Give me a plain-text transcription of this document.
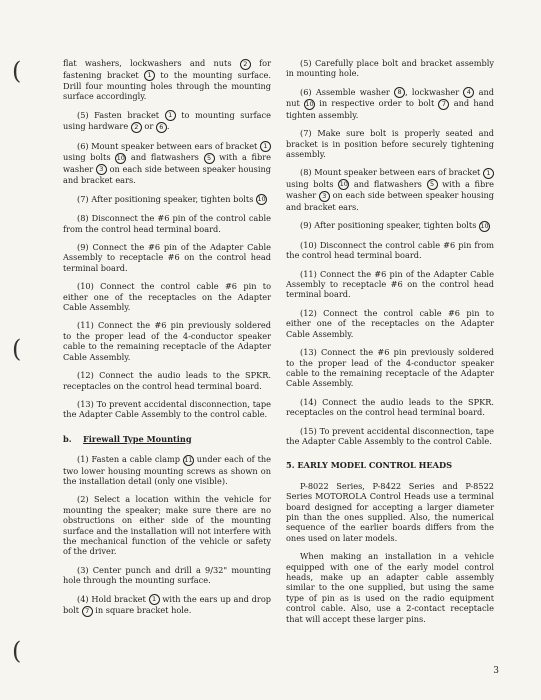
(
(
(

flat washers, lockwashers and nuts 2 for fastening bracket 1 to the mounting surface. Drill four mounting holes through the mounting surface accordingly.

(5) Fasten bracket 1 to mounting surface using hardware 2 or 6 .

(6) Mount speaker between ears of bracket 1 using bolts 10 and flatwashers 5 with a fibre washer 3 on each side between speaker housing and bracket ears.

(7) After positioning speaker, tighten bolts 10

(8) Disconnect the #6 pin of the control cable from the control head terminal board.

(9) Connect the #6 pin of the Adapter Cable Assembly to receptacle #6 on the control head terminal board.

(10) Connect the control cable #6 pin to either one of the receptacles on the Adapter Cable Assembly.

(11) Connect the #6 pin previously soldered to the proper lead of the 4-conductor speaker cable to the remaining receptacle of the Adapter Cable Assembly.

(12) Connect the audio leads to the SPKR. receptacles on the control head terminal board.

(13) To prevent accidental disconnection, tape the Adapter Cable Assembly to the control cable.

b. Firewall Type Mounting

(1) Fasten a cable clamp 11 under each of the two lower housing mounting screws as shown on the installation detail (only one visible).

(2) Select a location within the vehicle for mounting the speaker; make sure there are no obstructions on either side of the mounting surface and the installation will not interfere with the mechanical function of the vehicle or safety of the driver.

(3) Center punch and drill a 9/32" mounting hole through the mounting surface.

(4) Hold bracket 1 with the ears up and drop bolt 7 in square bracket hole.

(5) Carefully place bolt and bracket assembly in mounting hole.

(6) Assemble washer 8 , lockwasher 4 and nut 10 in respective order to bolt 7 and hand tighten assembly.

(7) Make sure bolt is properly seated and bracket is in position before securely tightening assembly.

(8) Mount speaker between ears of bracket 1 using bolts 10 and flatwashers 5 with a fibre washer 3 on each side between speaker housing and bracket ears.

(9) After positioning speaker, tighten bolts 10

(10) Disconnect the control cable #6 pin from the control head terminal board.

(11) Connect the #6 pin of the Adapter Cable Assembly to receptacle #6 on the control head terminal board.

(12) Connect the control cable #6 pin to either one of the receptacles on the Adapter Cable Assembly.

(13) Connect the #6 pin previously soldered to the proper lead of the 4-conductor speaker cable to the remaining receptacle of the Adapter Cable Assembly.

(14) Connect the audio leads to the SPKR. receptacles on the control head terminal board.

(15) To prevent accidental disconnection, tape the Adapter Cable Assembly to the control Cable.

5. EARLY MODEL CONTROL HEADS

P-8022 Series, P-8422 Series and P-8522 Series MOTOROLA Control Heads use a terminal board designed for accepting a larger diameter pin than the ones supplied. Also, the numerical sequence of the earlier boards differs from the ones used on later models.

When making an installation in a vehicle equipped with one of the early model control heads, make up an adapter cable assembly similar to the one supplied, but using the same type of pin as is used on the radio equipment control cable. Also, use a 2-contact receptacle that will accept these larger pins.

3
